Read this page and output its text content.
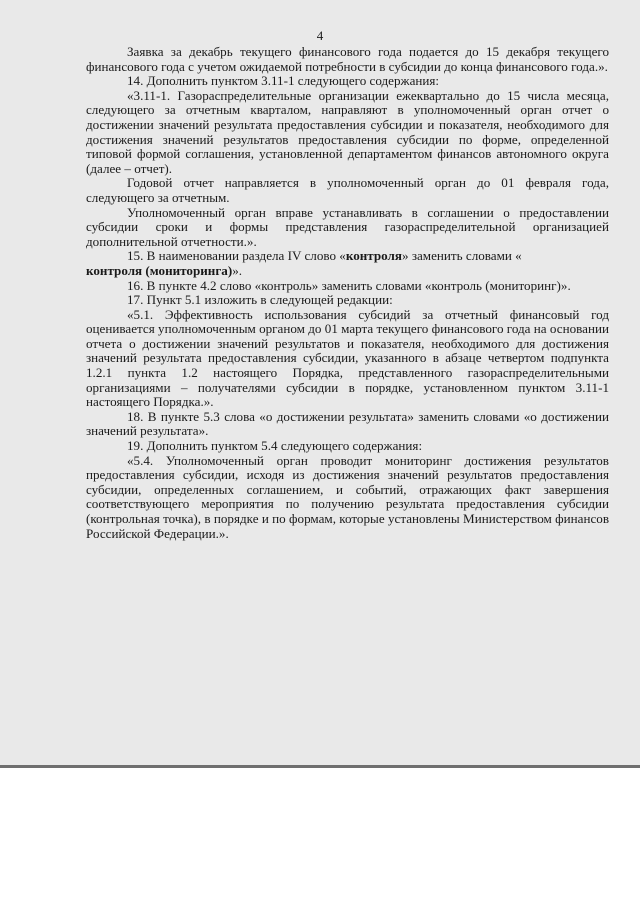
4

Заявка за декабрь текущего финансового года подается до 15 декабря текущего финансового года с учетом ожидаемой потребности в субсидии до конца финансового года.».

14. Дополнить пунктом 3.11-1 следующего содержания:

«3.11-1. Газораспределительные организации ежеквартально до 15 числа месяца, следующего за отчетным кварталом, направляют в уполномоченный орган отчет о достижении значений результата предоставления субсидии и показателя, необходимого для достижения значений результатов предоставления субсидии по форме, определенной типовой формой соглашения, установленной департаментом финансов автономного округа (далее – отчет).

Годовой отчет направляется в уполномоченный орган до 01 февраля года, следующего за отчетным.

Уполномоченный орган вправе устанавливать в соглашении о предоставлении субсидии сроки и формы представления газораспределительной организацией дополнительной отчетности.».

15. В наименовании раздела IV слово «контроля» заменить словами «
контроля (мониторинга)».

16. В пункте 4.2 слово «контроль» заменить словами «контроль (мониторинг)».

17. Пункт 5.1 изложить в следующей редакции:

«5.1. Эффективность использования субсидий за отчетный финансовый год оценивается уполномоченным органом до 01 марта текущего финансового года на основании отчета о достижении значений результатов и показателя, необходимого для достижения значений результата предоставления субсидии, указанного в абзаце четвертом подпункта 1.2.1 пункта 1.2 настоящего Порядка, представленного газораспределительными организациями – получателями субсидии в порядке, установленном пунктом 3.11-1 настоящего Порядка.».

18. В пункте 5.3 слова «о достижении результата» заменить словами «о достижении значений результата».

19. Дополнить пунктом 5.4 следующего содержания:

«5.4. Уполномоченный орган проводит мониторинг достижения результатов предоставления субсидии, исходя из достижения значений результатов предоставления субсидии, определенных соглашением, и событий, отражающих факт завершения соответствующего мероприятия по получению результата предоставления субсидии (контрольная точка), в порядке и по формам, которые установлены Министерством финансов Российской Федерации.».
